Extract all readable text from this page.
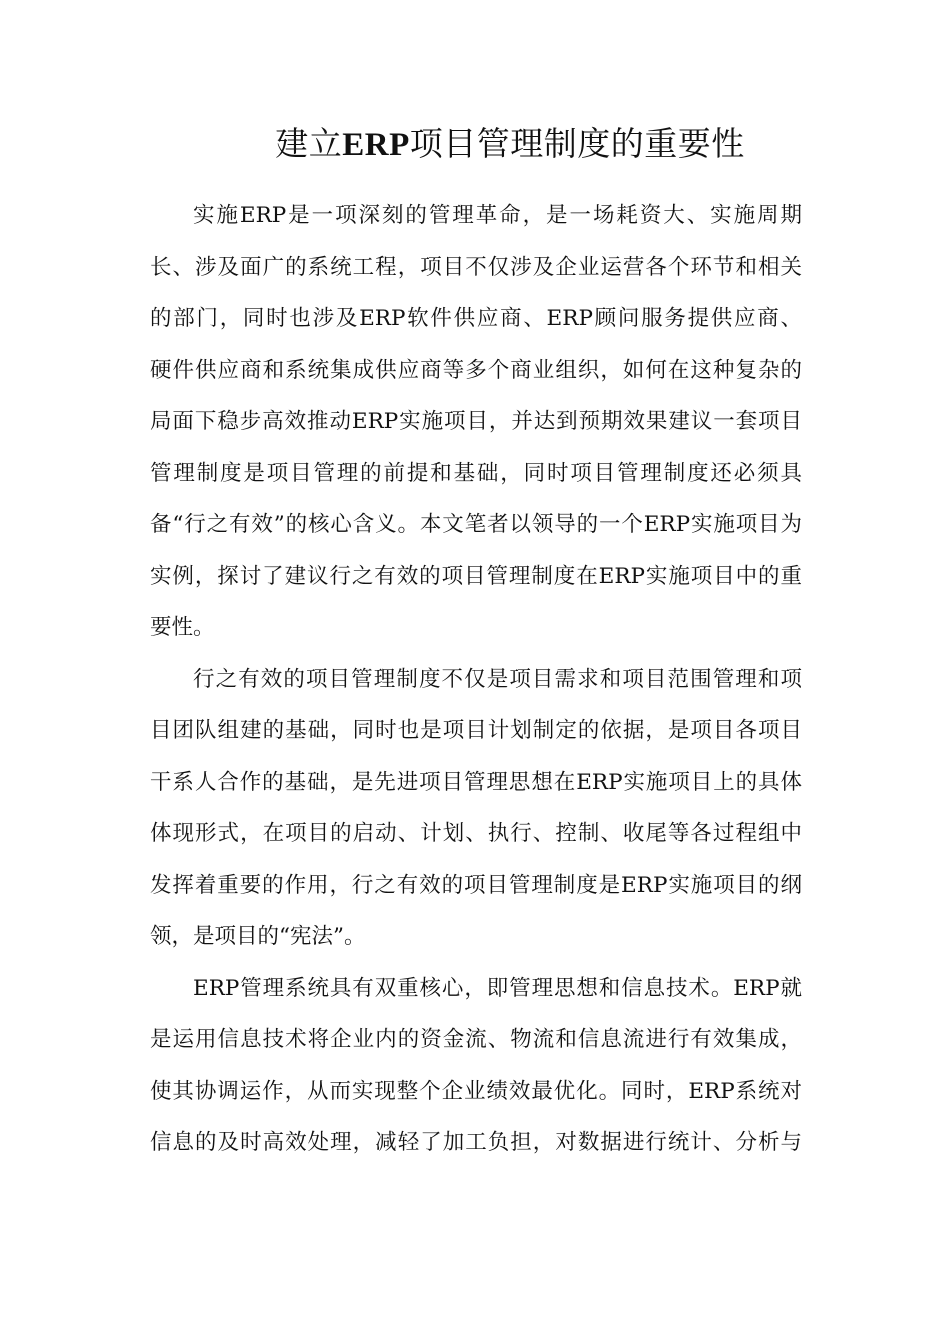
建立ERP项目管理制度的重要性
实施ERP是一项深刻的管理革命，是一场耗资大、实施周期
长、涉及面广的系统工程，项目不仅涉及企业运营各个环节和相关
的部门，同时也涉及ERP软件供应商、ERP顾问服务提供应商、
硬件供应商和系统集成供应商等多个商业组织，如何在这种复杂的
局面下稳步高效推动ERP实施项目，并达到预期效果建议一套项目
管理制度是项目管理的前提和基础，同时项目管理制度还必须具
备“行之有效”的核心含义。本文笔者以领导的一个ERP实施项目为
实例，探讨了建议行之有效的项目管理制度在ERP实施项目中的重
要性。
行之有效的项目管理制度不仅是项目需求和项目范围管理和项
目团队组建的基础，同时也是项目计划制定的依据，是项目各项目
干系人合作的基础，是先进项目管理思想在ERP实施项目上的具体
体现形式，在项目的启动、计划、执行、控制、收尾等各过程组中
发挥着重要的作用，行之有效的项目管理制度是ERP实施项目的纲
领，是项目的“宪法”。
ERP管理系统具有双重核心，即管理思想和信息技术。ERP就
是运用信息技术将企业内的资金流、物流和信息流进行有效集成，
使其协调运作，从而实现整个企业绩效最优化。同时，ERP系统对
信息的及时高效处理，减轻了加工负担，对数据进行统计、分析与
